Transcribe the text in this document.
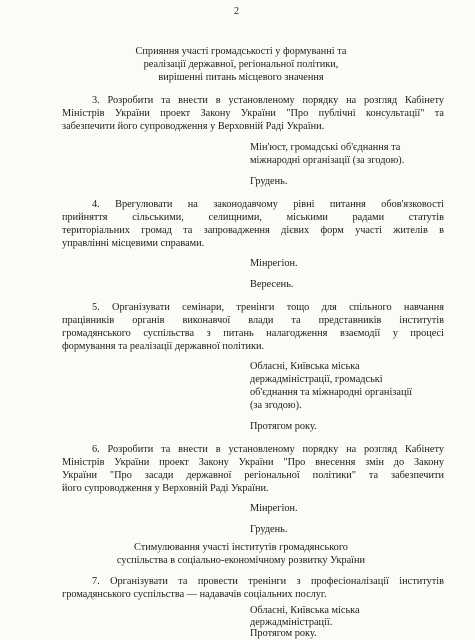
2
Сприяння участі громадськості у формуванні та
реалізації державної, регіональної політики,
вирішенні питань місцевого значення
3. Розробити та внести в установленому порядку на розгляд Кабінету
Міністрів України проект Закону України "Про публічні консультації" та
забезпечити його супроводження у Верховній Раді України.
Мін'юст, громадські об'єднання та
міжнародні організації (за згодою).
Грудень.
4. Врегулювати на законодавчому рівні питання обов'язковості
прийняття сільськими, селищними, міськими радами статутів
територіальних громад та запровадження дієвих форм участі жителів в
управлінні місцевими справами.
Мінрегіон.
Вересень.
5. Організувати семінари, тренінги тощо для спільного навчання
працівників органів виконавчої влади та представників інститутів
громадянського суспільства з питань налагодження взаємодії у процесі
формування та реалізації державної політики.
Обласні, Київська міська
держадміністрації, громадські
об'єднання та міжнародні організації
(за згодою).
Протягом року.
6. Розробити та внести в установленому порядку на розгляд Кабінету
Міністрів України проект Закону України "Про внесення змін до Закону
України "Про засади державної регіональної політики" та забезпечити
його супроводження у Верховній Раді України.
Мінрегіон.
Грудень.
Стимулювання участі інститутів громадянського
суспільства в соціально-економічному розвитку України
7. Організувати та провести тренінги з професіоналізації інститутів
громадянського суспільства — надавачів соціальних послуг.
Обласні, Київська міська
держадміністрації.
Протягом року.
